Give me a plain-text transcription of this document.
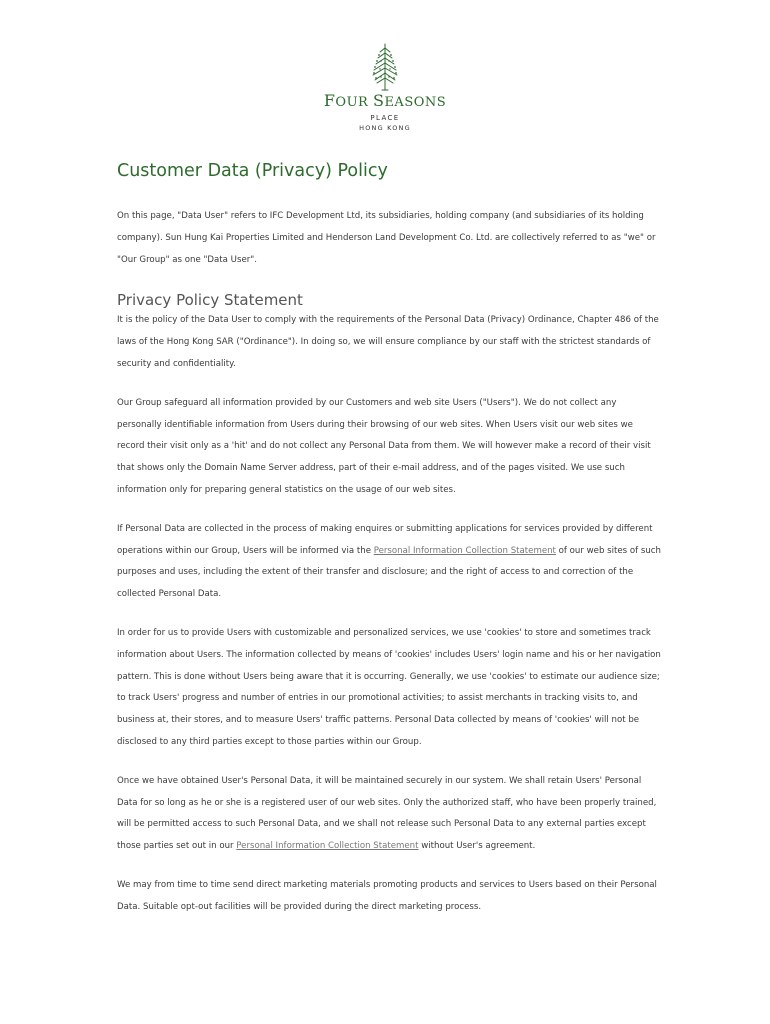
FOUR SEASONS
PLACE
HONG KONG
Customer Data (Privacy) Policy

On this page, "Data User" refers to IFC Development Ltd, its subsidiaries, holding company (and subsidiaries of its holding company). Sun Hung Kai Properties Limited and Henderson Land Development Co. Ltd. are collectively referred to as "we" or "Our Group" as one "Data User".

Privacy Policy Statement

It is the policy of the Data User to comply with the requirements of the Personal Data (Privacy) Ordinance, Chapter 486 of the laws of the Hong Kong SAR ("Ordinance"). In doing so, we will ensure compliance by our staff with the strictest standards of security and confidentiality.

Our Group safeguard all information provided by our Customers and web site Users ("Users"). We do not collect any personally identifiable information from Users during their browsing of our web sites. When Users visit our web sites we record their visit only as a 'hit' and do not collect any Personal Data from them. We will however make a record of their visit that shows only the Domain Name Server address, part of their e-mail address, and of the pages visited. We use such information only for preparing general statistics on the usage of our web sites.

If Personal Data are collected in the process of making enquires or submitting applications for services provided by different operations within our Group, Users will be informed via the Personal Information Collection Statement of our web sites of such purposes and uses, including the extent of their transfer and disclosure; and the right of access to and correction of the collected Personal Data.

In order for us to provide Users with customizable and personalized services, we use 'cookies' to store and sometimes track information about Users. The information collected by means of 'cookies' includes Users' login name and his or her navigation pattern. This is done without Users being aware that it is occurring. Generally, we use 'cookies' to estimate our audience size; to track Users' progress and number of entries in our promotional activities; to assist merchants in tracking visits to, and business at, their stores, and to measure Users' traffic patterns. Personal Data collected by means of 'cookies' will not be disclosed to any third parties except to those parties within our Group.

Once we have obtained User's Personal Data, it will be maintained securely in our system. We shall retain Users' Personal Data for so long as he or she is a registered user of our web sites. Only the authorized staff, who have been properly trained, will be permitted access to such Personal Data, and we shall not release such Personal Data to any external parties except those parties set out in our Personal Information Collection Statement without User's agreement.

We may from time to time send direct marketing materials promoting products and services to Users based on their Personal Data. Suitable opt-out facilities will be provided during the direct marketing process.
